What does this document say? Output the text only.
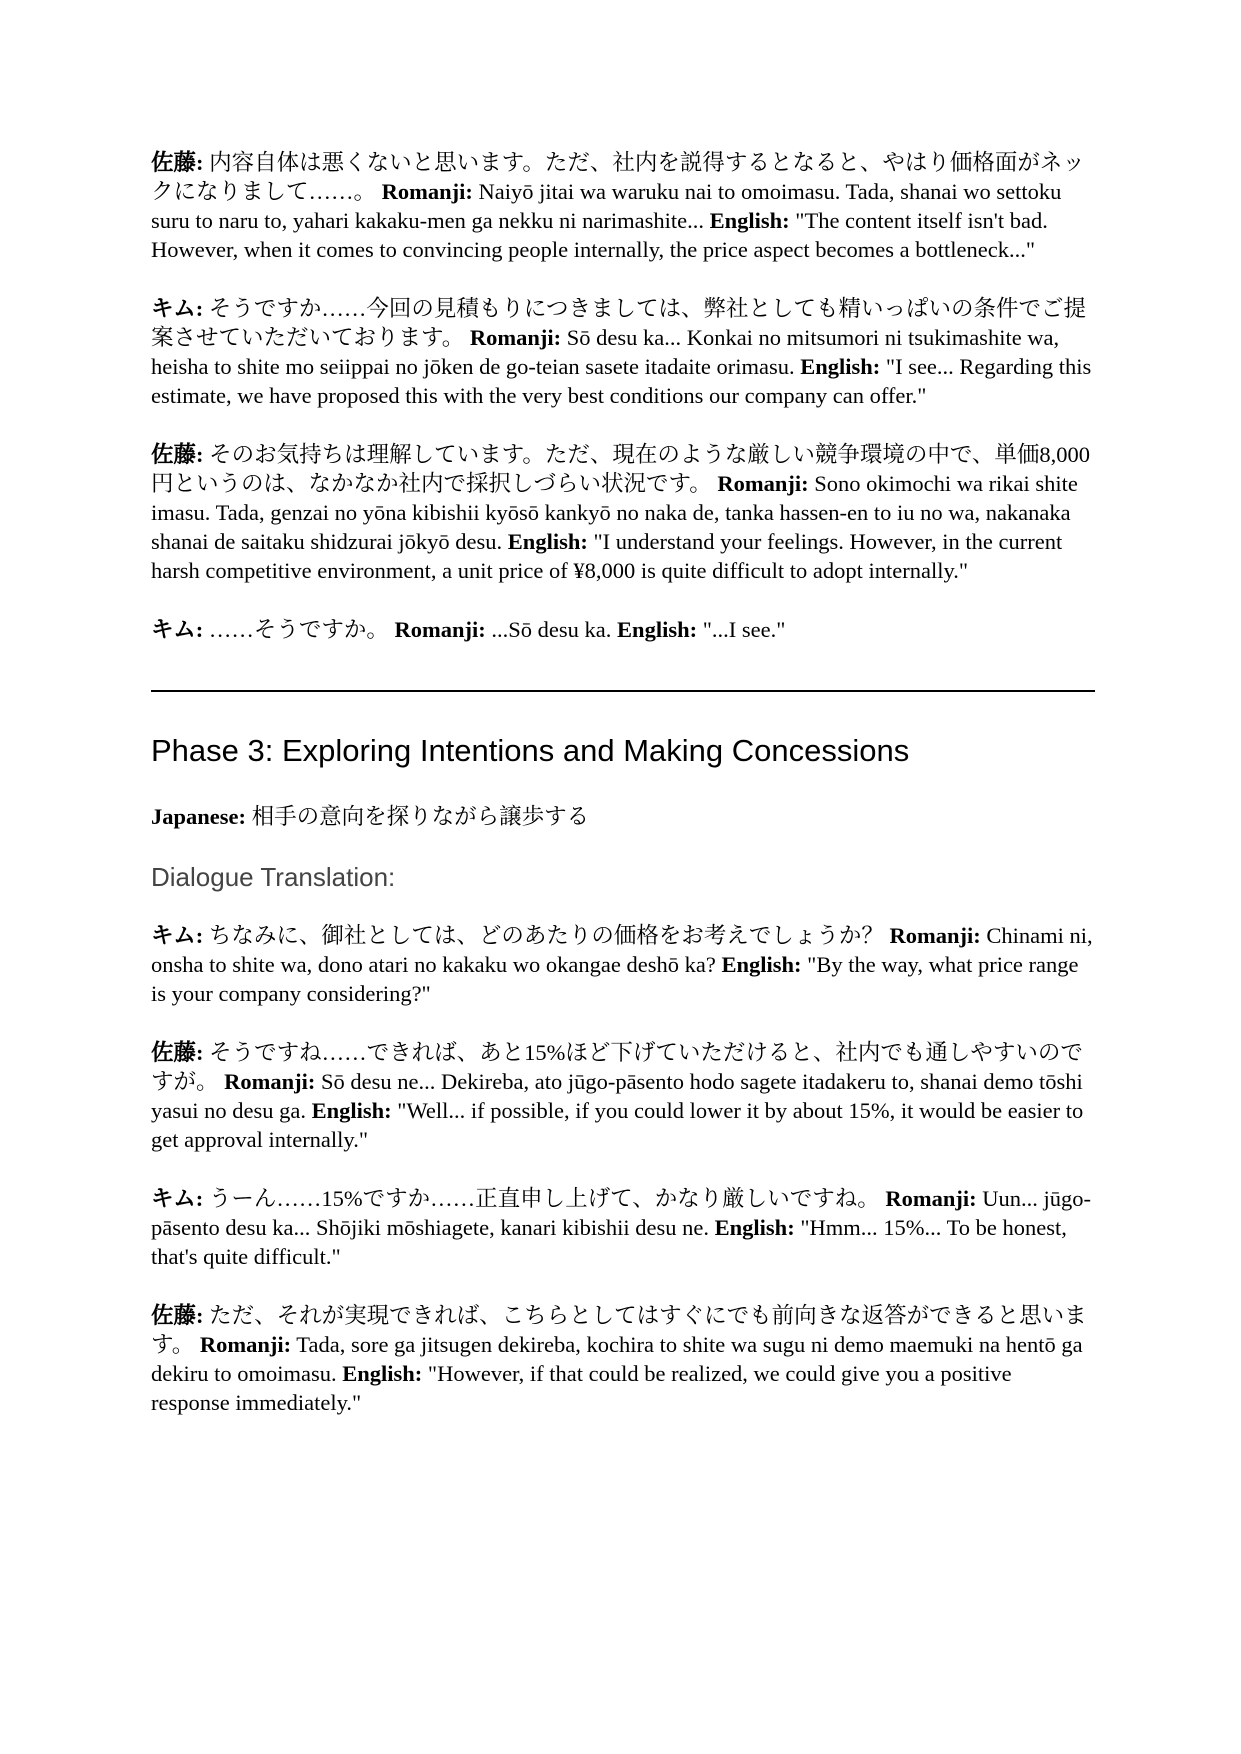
佐藤: 内容自体は悪くないと思います。ただ、社内を説得するとなると、やはり価格面がネックになりまして……。 Romanji: Naiyō jitai wa waruku nai to omoimasu. Tada, shanai wo settoku suru to naru to, yahari kakaku-men ga nekku ni narimashite... English: "The content itself isn't bad. However, when it comes to convincing people internally, the price aspect becomes a bottleneck..."

キム: そうですか……今回の見積もりにつきましては、弊社としても精いっぱいの条件でご提案させていただいております。 Romanji: Sō desu ka... Konkai no mitsumori ni tsukimashite wa, heisha to shite mo seiippai no jōken de go-teian sasete itadaite orimasu. English: "I see... Regarding this estimate, we have proposed this with the very best conditions our company can offer."

佐藤: そのお気持ちは理解しています。ただ、現在のような厳しい競争環境の中で、単価8,000円というのは、なかなか社内で採択しづらい状況です。 Romanji: Sono okimochi wa rikai shite imasu. Tada, genzai no yōna kibishii kyōsō kankyō no naka de, tanka hassen-en to iu no wa, nakanaka shanai de saitaku shidzurai jōkyō desu. English: "I understand your feelings. However, in the current harsh competitive environment, a unit price of ¥8,000 is quite difficult to adopt internally."

キム: ……そうですか。 Romanji: ...Sō desu ka. English: "...I see."

Phase 3: Exploring Intentions and Making Concessions

Japanese: 相手の意向を探りながら譲歩する

Dialogue Translation:

キム: ちなみに、御社としては、どのあたりの価格をお考えでしょうか？ Romanji: Chinami ni, onsha to shite wa, dono atari no kakaku wo okangae deshō ka? English: "By the way, what price range is your company considering?"

佐藤: そうですね……できれば、あと15%ほど下げていただけると、社内でも通しやすいのですが。 Romanji: Sō desu ne... Dekireba, ato jūgo-pāsento hodo sagete itadakeru to, shanai demo tōshi yasui no desu ga. English: "Well... if possible, if you could lower it by about 15%, it would be easier to get approval internally."

キム: うーん……15%ですか……正直申し上げて、かなり厳しいですね。 Romanji: Uun... jūgo-pāsento desu ka... Shōjiki mōshiagete, kanari kibishii desu ne. English: "Hmm... 15%... To be honest, that's quite difficult."

佐藤: ただ、それが実現できれば、こちらとしてはすぐにでも前向きな返答ができると思います。 Romanji: Tada, sore ga jitsugen dekireba, kochira to shite wa sugu ni demo maemuki na hentō ga dekiru to omoimasu. English: "However, if that could be realized, we could give you a positive response immediately."
